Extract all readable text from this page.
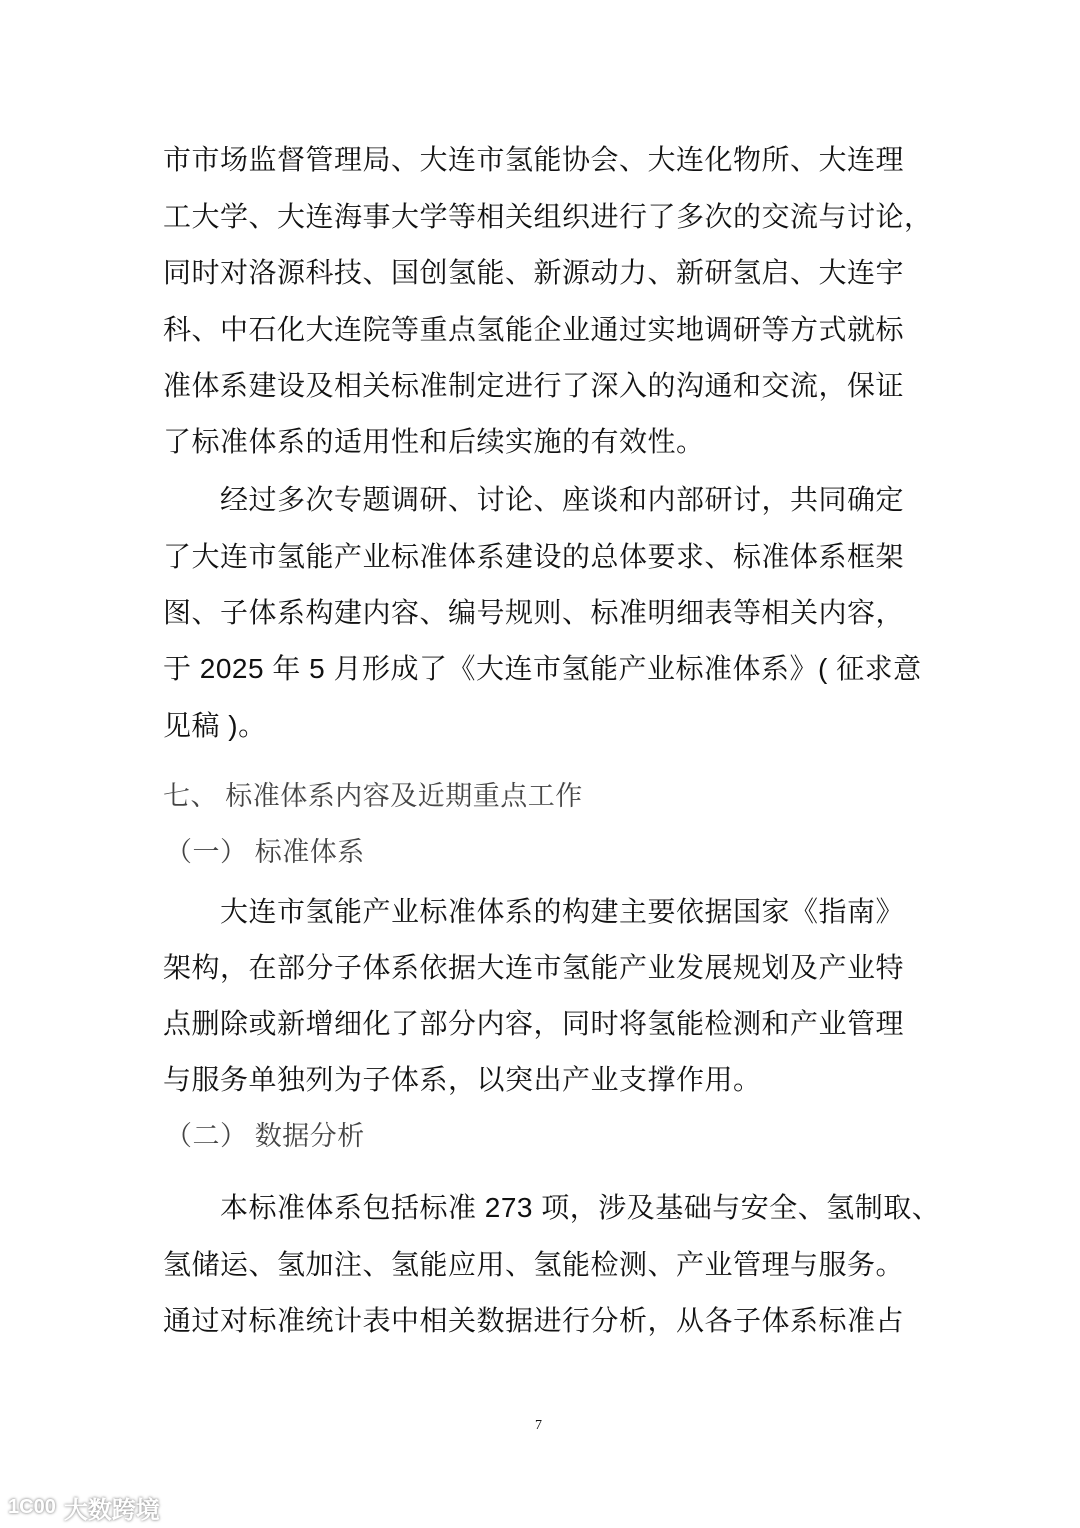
市市场监督管理局、大连市氢能协会、大连化物所、大连理
工大学、大连海事大学等相关组织进行了多次的交流与讨论，
同时对洛源科技、国创氢能、新源动力、新研氢启、大连宇
科、中石化大连院等重点氢能企业通过实地调研等方式就标
准体系建设及相关标准制定进行了深入的沟通和交流，保证
了标准体系的适用性和后续实施的有效性。
经过多次专题调研、讨论、座谈和内部研讨，共同确定
了大连市氢能产业标准体系建设的总体要求、标准体系框架
图、子体系构建内容、编号规则、标准明细表等相关内容，
于 2025 年 5 月形成了《大连市氢能产业标准体系》( 征求意
见稿 )。
七、 标准体系内容及近期重点工作
（一） 标准体系
大连市氢能产业标准体系的构建主要依据国家《指南》
架构，在部分子体系依据大连市氢能产业发展规划及产业特
点删除或新增细化了部分内容，同时将氢能检测和产业管理
与服务单独列为子体系，以突出产业支撑作用。
（二） 数据分析
本标准体系包括标准 273 项，涉及基础与安全、氢制取、
氢储运、氢加注、氢能应用、氢能检测、产业管理与服务。
通过对标准统计表中相关数据进行分析，从各子体系标准占
7
1C00 大数跨境
